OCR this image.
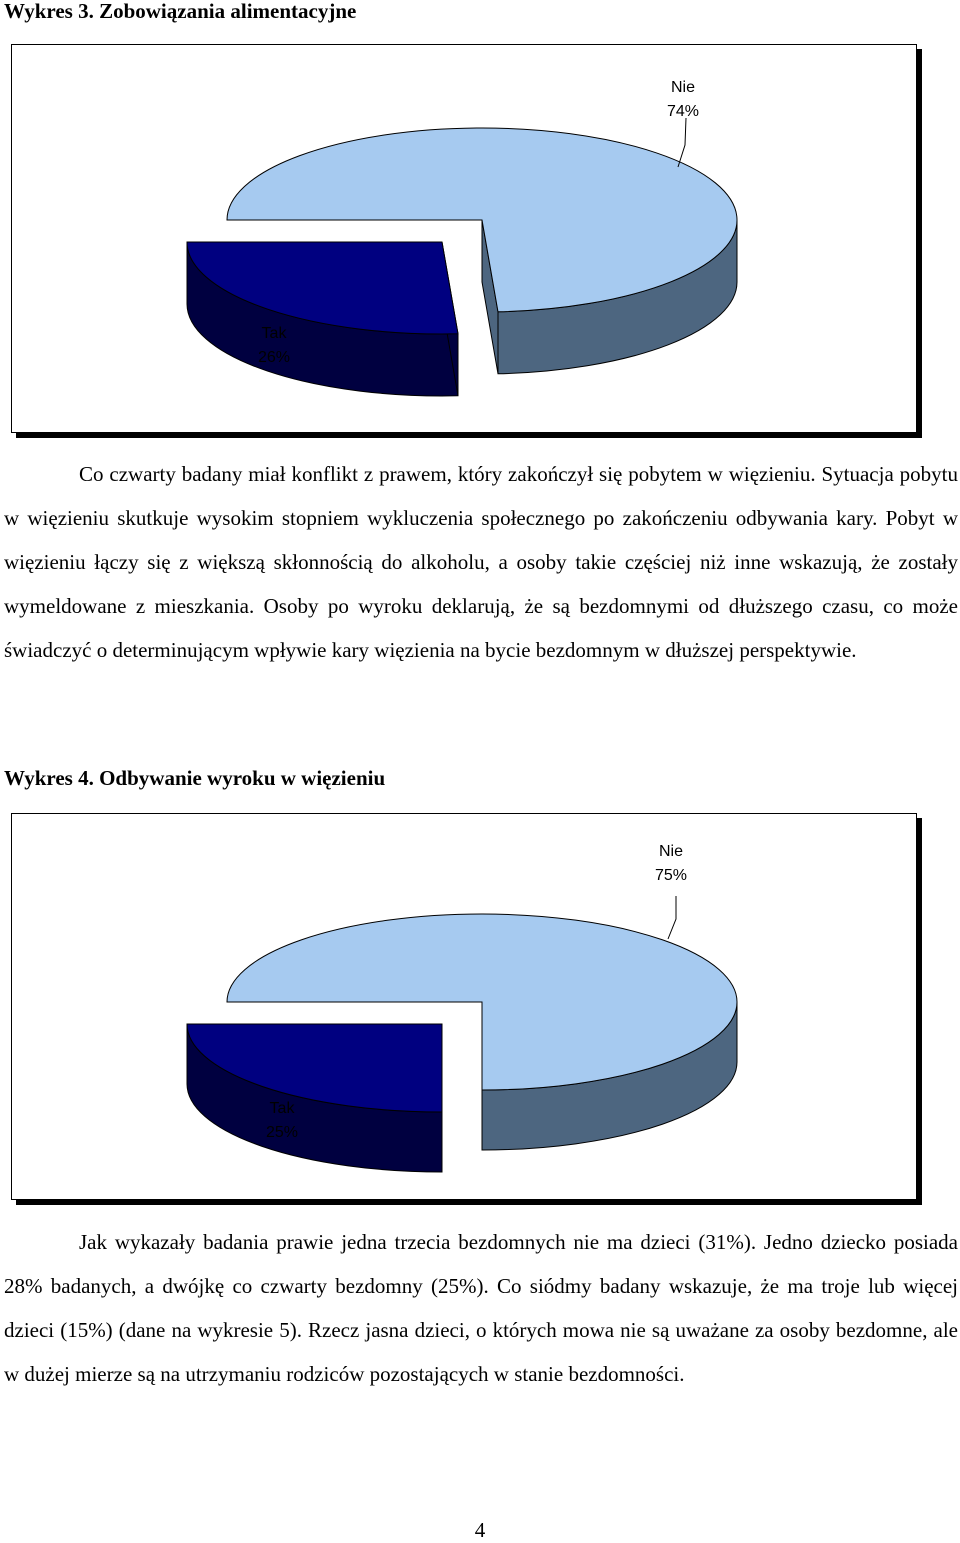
Wykres 3. Zobowiązania alimentacyjne
Nie
74%
Tak
26%

Co czwarty badany miał konflikt z prawem, który zakończył się pobytem w więzieniu. Sytuacja pobytu w więzieniu skutkuje wysokim stopniem wykluczenia społecznego po zakończeniu odbywania kary. Pobyt w więzieniu łączy się z większą skłonnością do alkoholu, a osoby takie częściej niż inne wskazują, że zostały wymeldowane z mieszkania. Osoby po wyroku deklarują, że są bezdomnymi od dłuższego czasu, co może świadczyć o determinującym wpływie kary więzienia na bycie bezdomnym w dłuższej perspektywie.

Wykres 4. Odbywanie wyroku w więzieniu
Nie
75%
Tak
25%

Jak wykazały badania prawie jedna trzecia bezdomnych nie ma dzieci (31%). Jedno dziecko posiada 28% badanych, a dwójkę co czwarty bezdomny (25%). Co siódmy badany wskazuje, że ma troje lub więcej dzieci (15%) (dane na wykresie 5). Rzecz jasna dzieci, o których mowa nie są uważane za osoby bezdomne, ale w dużej mierze są na utrzymaniu rodziców pozostających w stanie bezdomności.

4
